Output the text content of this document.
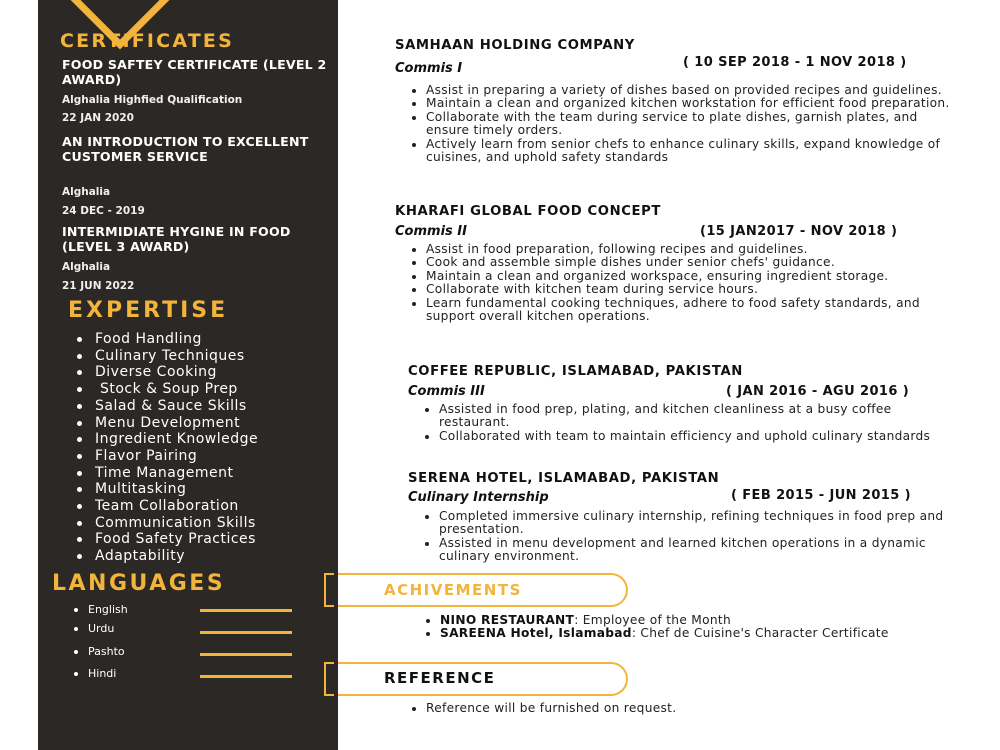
CERTIFICATES
FOOD SAFTEY CERTIFICATE (LEVEL 2 AWARD)
Alghalia Highfied Qualification
22 JAN 2020
AN INTRODUCTION TO EXCELLENT CUSTOMER SERVICE
Alghalia
24 DEC - 2019
INTERMIDIATE HYGINE IN FOOD (LEVEL 3 AWARD)
Alghalia
21 JUN 2022
EXPERTISE
Food Handling
Culinary Techniques
Diverse Cooking
Stock & Soup Prep
Salad & Sauce Skills
Menu Development
Ingredient Knowledge
Flavor Pairing
Time Management
Multitasking
Team Collaboration
Communication Skills
Food Safety Practices
Adaptability
LANGUAGES
English
Urdu
Pashto
Hindi
SAMHAAN HOLDING COMPANY
Commis I	( 10 SEP 2018 - 1 NOV 2018 )
Assist in preparing a variety of dishes based on provided recipes and guidelines.
Maintain a clean and organized kitchen workstation for efficient food preparation.
Collaborate with the team during service to plate dishes, garnish plates, and ensure timely orders.
Actively learn from senior chefs to enhance culinary skills, expand knowledge of cuisines, and uphold safety standards
KHARAFI GLOBAL FOOD CONCEPT
Commis II	(15 JAN2017 - NOV 2018 )
Assist in food preparation, following recipes and guidelines.
Cook and assemble simple dishes under senior chefs' guidance.
Maintain a clean and organized workspace, ensuring ingredient storage.
Collaborate with kitchen team during service hours.
Learn fundamental cooking techniques, adhere to food safety standards, and support overall kitchen operations.
COFFEE REPUBLIC, ISLAMABAD, PAKISTAN
Commis III	( JAN 2016 - AGU 2016 )
Assisted in food prep, plating, and kitchen cleanliness at a busy coffee restaurant.
Collaborated with team to maintain efficiency and uphold culinary standards
SERENA HOTEL, ISLAMABAD, PAKISTAN
Culinary Internship	( FEB 2015 - JUN 2015 )
Completed immersive culinary internship, refining techniques in food prep and presentation.
Assisted in menu development and learned kitchen operations in a dynamic culinary environment.
ACHIVEMENTS
NINO RESTAURANT: Employee of the Month
SAREENA Hotel, Islamabad: Chef de Cuisine's Character Certificate
REFERENCE
Reference will be furnished on request.
